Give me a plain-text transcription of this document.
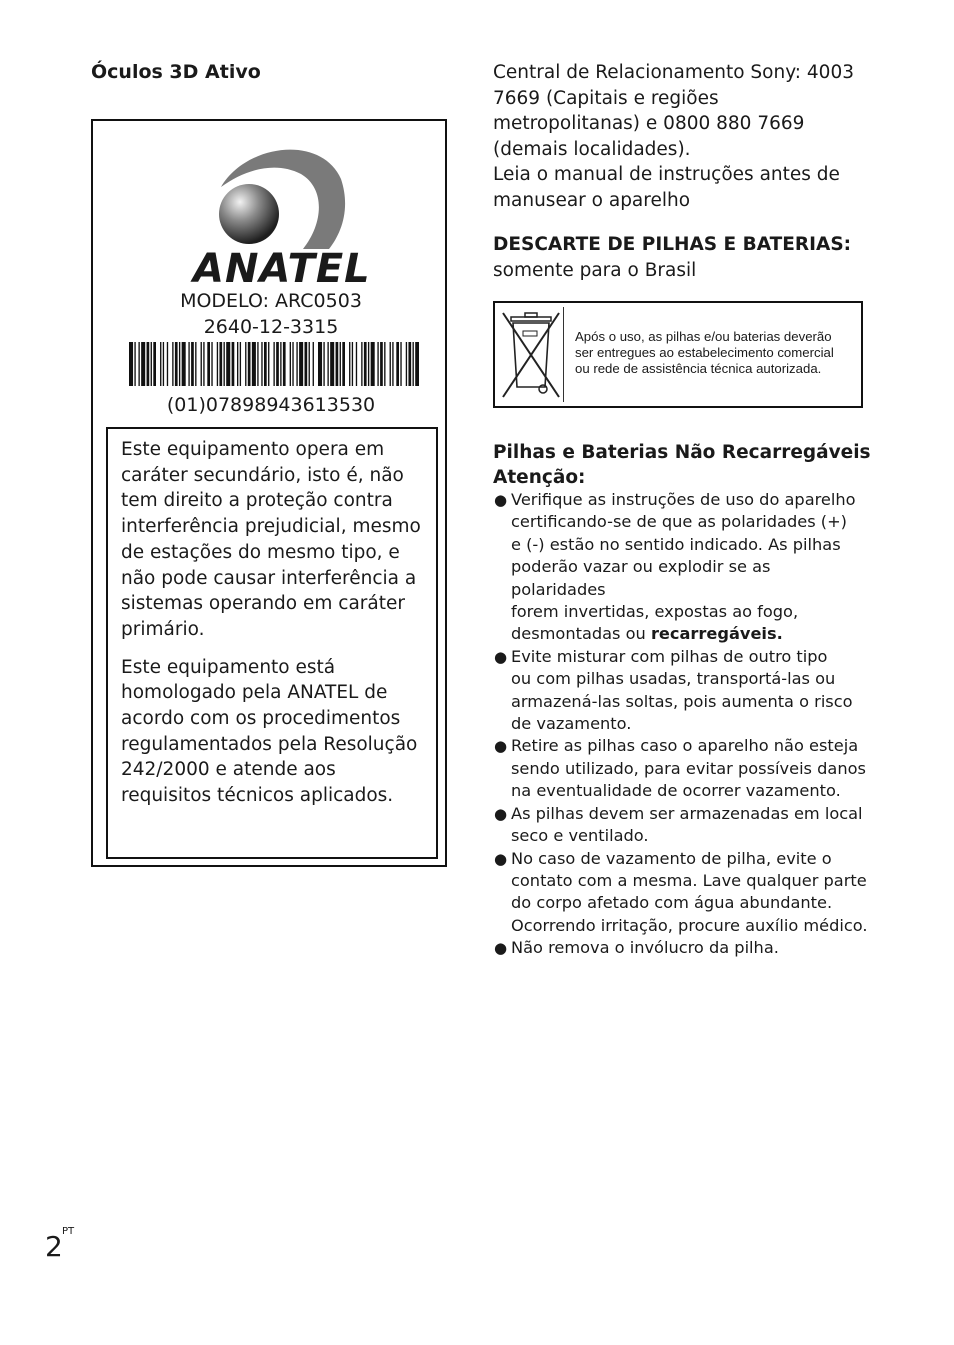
Óculos 3D Ativo
ANATEL
MODELO: ARC0503
2640-12-3315
(01)07898943613530

Este equipamento opera em caráter secundário, isto é, não tem direito a proteção contra interferência prejudicial, mesmo de estações do mesmo tipo, e não pode causar interferência a sistemas operando em caráter primário.

Este equipamento está homologado pela ANATEL de acordo com os procedimentos regulamentados pela Resolução 242/2000 e atende aos requisitos técnicos aplicados.

Central de Relacionamento Sony: 4003
7669 (Capitais e regiões
metropolitanas) e 0800 880 7669
(demais localidades).
Leia o manual de instruções antes de
manusear o aparelho
DESCARTE DE PILHAS E BATERIAS:
somente para o Brasil
Após o uso, as pilhas e/ou baterias deverão
ser entregues ao estabelecimento comercial
ou rede de assistência técnica autorizada.
Pilhas e Baterias Não Recarregáveis
Atenção:
● Verifique as instruções de uso do aparelho
certificando-se de que as polaridades (+)
e (-) estão no sentido indicado. As pilhas
poderão vazar ou explodir se as polaridades
forem invertidas, expostas ao fogo,
desmontadas ou recarregáveis.
● Evite misturar com pilhas de outro tipo
ou com pilhas usadas, transportá-las ou
armazená-las soltas, pois aumenta o risco
de vazamento.
● Retire as pilhas caso o aparelho não esteja
sendo utilizado, para evitar possíveis danos
na eventualidade de ocorrer vazamento.
● As pilhas devem ser armazenadas em local
seco e ventilado.
● No caso de vazamento de pilha, evite o
contato com a mesma. Lave qualquer parte
do corpo afetado com água abundante.
Ocorrendo irritação, procure auxílio médico.
● Não remova o invólucro da pilha.
2 PT
